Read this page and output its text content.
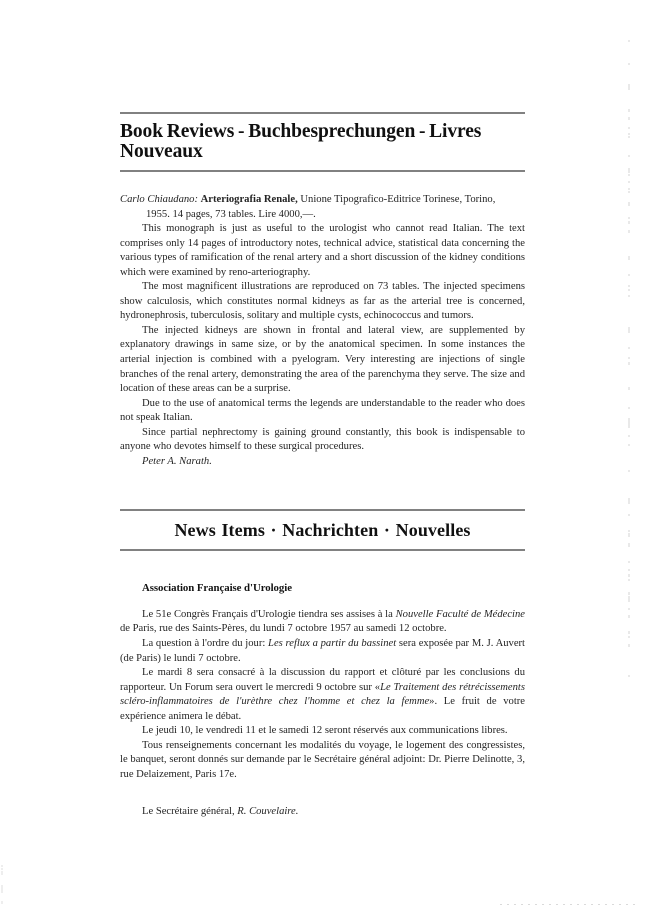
Book Reviews - Buchbesprechungen - Livres Nouveaux

Carlo Chiaudano: Arteriografia Renale, Unione Tipografico-Editrice Torinese, Torino,
1955. 14 pages, 73 tables. Lire 4000,—.

This monograph is just as useful to the urologist who cannot read Italian. The text comprises only 14 pages of introductory notes, technical advice, statistical data concerning the various types of ramification of the renal artery and a short discussion of the kidney conditions which were examined by reno-arteriography.

The most magnificent illustrations are reproduced on 73 tables. The injected specimens show calculosis, which constitutes normal kidneys as far as the arterial tree is concerned, hydronephrosis, tuberculosis, solitary and multiple cysts, echinococcus and tumors.

The injected kidneys are shown in frontal and lateral view, are supplemented by explanatory drawings in same size, or by the anatomical specimen. In some instances the arterial injection is combined with a pyelogram. Very interesting are injections of single branches of the renal artery, demonstrating the area of the parenchyma they serve. The size and location of these areas can be a surprise.

Due to the use of anatomical terms the legends are understandable to the reader who does not speak Italian.

Since partial nephrectomy is gaining ground constantly, this book is indispensable to anyone who devotes himself to these surgical procedures.

Peter A. Narath.

News Items · Nachrichten · Nouvelles

Association Française d'Urologie

Le 51e Congrès Français d'Urologie tiendra ses assises à la Nouvelle Faculté de Médecine de Paris, rue des Saints-Pères, du lundi 7 octobre 1957 au samedi 12 octobre.

La question à l'ordre du jour: Les reflux a partir du bassinet sera exposée par M. J. Auvert (de Paris) le lundi 7 octobre.

Le mardi 8 sera consacré à la discussion du rapport et clôturé par les conclusions du rapporteur. Un Forum sera ouvert le mercredi 9 octobre sur «Le Traitement des rétrécissements scléro-inflammatoires de l'urèthre chez l'homme et chez la femme». Le fruit de votre expérience animera le débat.

Le jeudi 10, le vendredi 11 et le samedi 12 seront réservés aux communications libres.

Tous renseignements concernant les modalités du voyage, le logement des congressistes, le banquet, seront donnés sur demande par le Secrétaire général adjoint: Dr. Pierre Delinotte, 3, rue Delaizement, Paris 17e.

Le Secrétaire général, R. Couvelaire.
